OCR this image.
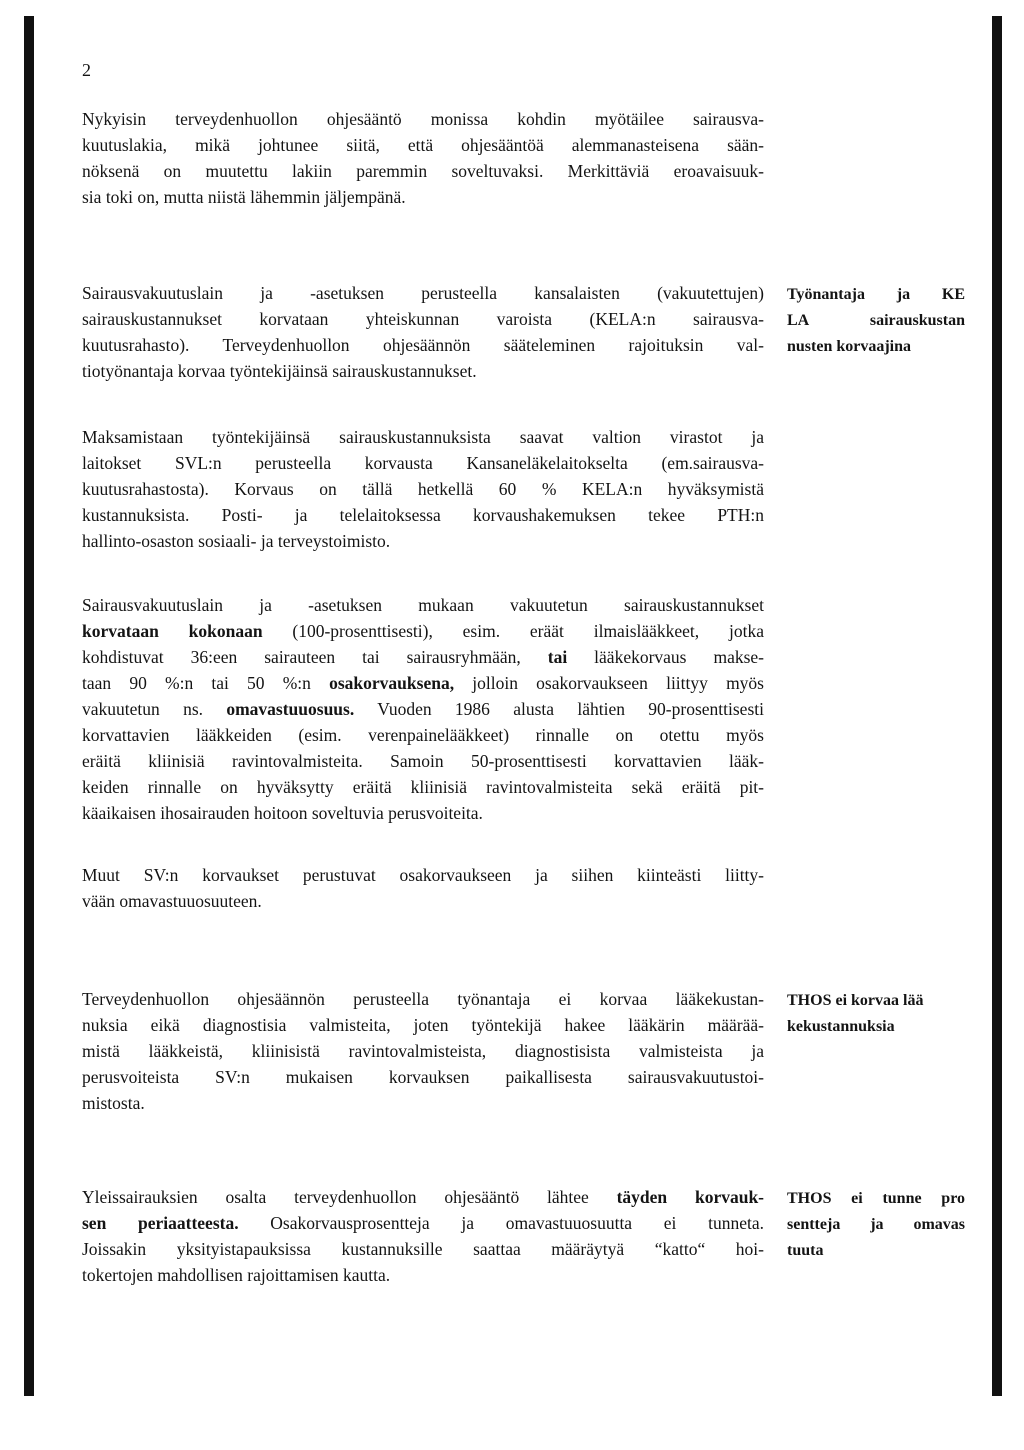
2
Nykyisin terveydenhuollon ohjesääntö monissa kohdin myötäilee sairausva-
kuutuslakia, mikä johtunee siitä, että ohjesääntöä alemmanasteisena sään-
nöksenä on muutettu lakiin paremmin soveltuvaksi. Merkittäviä eroavaisuuk-
sia toki on, mutta niistä lähemmin jäljempänä.
Sairausvakuutuslain ja -asetuksen perusteella kansalaisten (vakuutettujen)
sairauskustannukset korvataan yhteiskunnan varoista (KELA:n sairausva-
kuutusrahasto). Terveydenhuollon ohjesäännön sääteleminen rajoituksin val-
tiotyönantaja korvaa työntekijäinsä sairauskustannukset.
Työnantaja ja KE
LA sairauskustan
nusten korvaajina
Maksamistaan työntekijäinsä sairauskustannuksista saavat valtion virastot ja
laitokset SVL:n perusteella korvausta Kansaneläkelaitokselta (em.sairausva-
kuutusrahastosta). Korvaus on tällä hetkellä 60 % KELA:n hyväksymistä
kustannuksista. Posti- ja telelaitoksessa korvaushakemuksen tekee PTH:n
hallinto-osaston sosiaali- ja terveystoimisto.
Sairausvakuutuslain ja -asetuksen mukaan vakuutetun sairauskustannukset
korvataan kokonaan (100-prosenttisesti), esim. eräät ilmaislääkkeet, jotka
kohdistuvat 36:een sairauteen tai sairausryhmään, tai lääkekorvaus makse-
taan 90 %:n tai 50 %:n osakorvauksena, jolloin osakorvaukseen liittyy myös
vakuutetun ns. omavastuuosuus. Vuoden 1986 alusta lähtien 90-prosenttisesti
korvattavien lääkkeiden (esim. verenpainelääkkeet) rinnalle on otettu myös
eräitä kliinisiä ravintovalmisteita. Samoin 50-prosenttisesti korvattavien lääk-
keiden rinnalle on hyväksytty eräitä kliinisiä ravintovalmisteita sekä eräitä pit-
käaikaisen ihosairauden hoitoon soveltuvia perusvoiteita.
Muut SV:n korvaukset perustuvat osakorvaukseen ja siihen kiinteästi liitty-
vään omavastuuosuuteen.
Terveydenhuollon ohjesäännön perusteella työnantaja ei korvaa lääkekustan-
nuksia eikä diagnostisia valmisteita, joten työntekijä hakee lääkärin määrää-
mistä lääkkeistä, kliinisistä ravintovalmisteista, diagnostisista valmisteista ja
perusvoiteista SV:n mukaisen korvauksen paikallisesta sairausvakuutustoi-
mistosta.
THOS ei korvaa lää
kekustannuksia
Yleissairauksien osalta terveydenhuollon ohjesääntö lähtee täyden korvauk-
sen periaatteesta. Osakorvausprosentteja ja omavastuuosuutta ei tunneta.
Joissakin yksityistapauksissa kustannuksille saattaa määräytyä “katto“ hoi-
tokertojen mahdollisen rajoittamisen kautta.
THOS ei tunne pro
sentteja ja omavas
tuuta
